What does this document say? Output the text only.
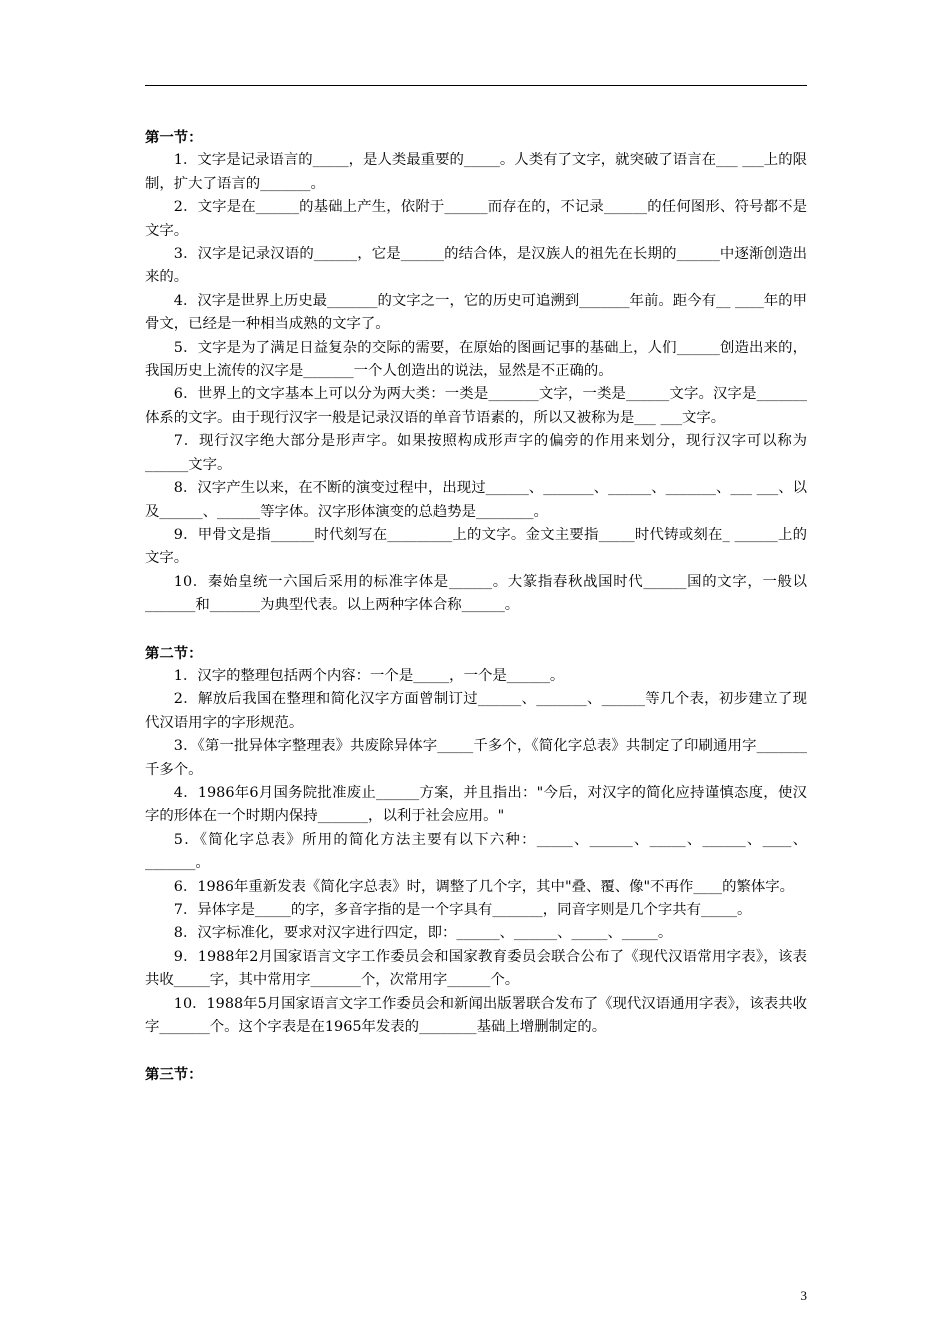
第一节：

1．文字是记录语言的_____，是人类最重要的_____。人类有了文字，就突破了语言在___ ___上的限制，扩大了语言的_______。

2．文字是在______的基础上产生，依附于______而存在的，不记录______的任何图形、符号都不是文字。

3．汉字是记录汉语的______，它是______的结合体，是汉族人的祖先在长期的______中逐渐创造出来的。

4．汉字是世界上历史最_______的文字之一，它的历史可追溯到_______年前。距今有__ ____年的甲骨文，已经是一种相当成熟的文字了。

5．文字是为了满足日益复杂的交际的需要，在原始的图画记事的基础上，人们______创造出来的，我国历史上流传的汉字是_______一个人创造出的说法，显然是不正确的。

6．世界上的文字基本上可以分为两大类：一类是_______文字，一类是______文字。汉字是_______体系的文字。由于现行汉字一般是记录汉语的单音节语素的，所以又被称为是___ ___文字。

7．现行汉字绝大部分是形声字。如果按照构成形声字的偏旁的作用来划分，现行汉字可以称为______文字。

8．汉字产生以来，在不断的演变过程中，出现过______、_______、______、_______、___ ___、以及______、______等字体。汉字形体演变的总趋势是________。

9．甲骨文是指______时代刻写在_________上的文字。金文主要指_____时代铸或刻在_ ______上的文字。

10．秦始皇统一六国后采用的标准字体是______。大篆指春秋战国时代______国的文字，一般以_______和_______为典型代表。以上两种字体合称______。

第二节：

1．汉字的整理包括两个内容：一个是_____，一个是______。

2．解放后我国在整理和简化汉字方面曾制订过______、_______、______等几个表，初步建立了现代汉语用字的字形规范。

3．《第一批异体字整理表》共废除异体字_____千多个，《简化字总表》共制定了印刷通用字_______千多个。

4．1986年6月国务院批准废止______方案，并且指出："今后，对汉字的简化应持谨慎态度，使汉字的形体在一个时期内保持_______，以利于社会应用。"

5．《简化字总表》所用的简化方法主要有以下六种：_____、______、_____、______、____、_______。

6．1986年重新发表《简化字总表》时，调整了几个字，其中"叠、覆、像"不再作____的繁体字。

7．异体字是_____的字，多音字指的是一个字具有_______，同音字则是几个字共有_____。

8．汉字标准化，要求对汉字进行四定，即：______、______、_____、_____。

9．1988年2月国家语言文字工作委员会和国家教育委员会联合公布了《现代汉语常用字表》，该表共收_____字，其中常用字_______个，次常用字______个。

10．1988年5月国家语言文字工作委员会和新闻出版署联合发布了《现代汉语通用字表》，该表共收字_______个。这个字表是在1965年发表的________基础上增删制定的。

第三节：

3
